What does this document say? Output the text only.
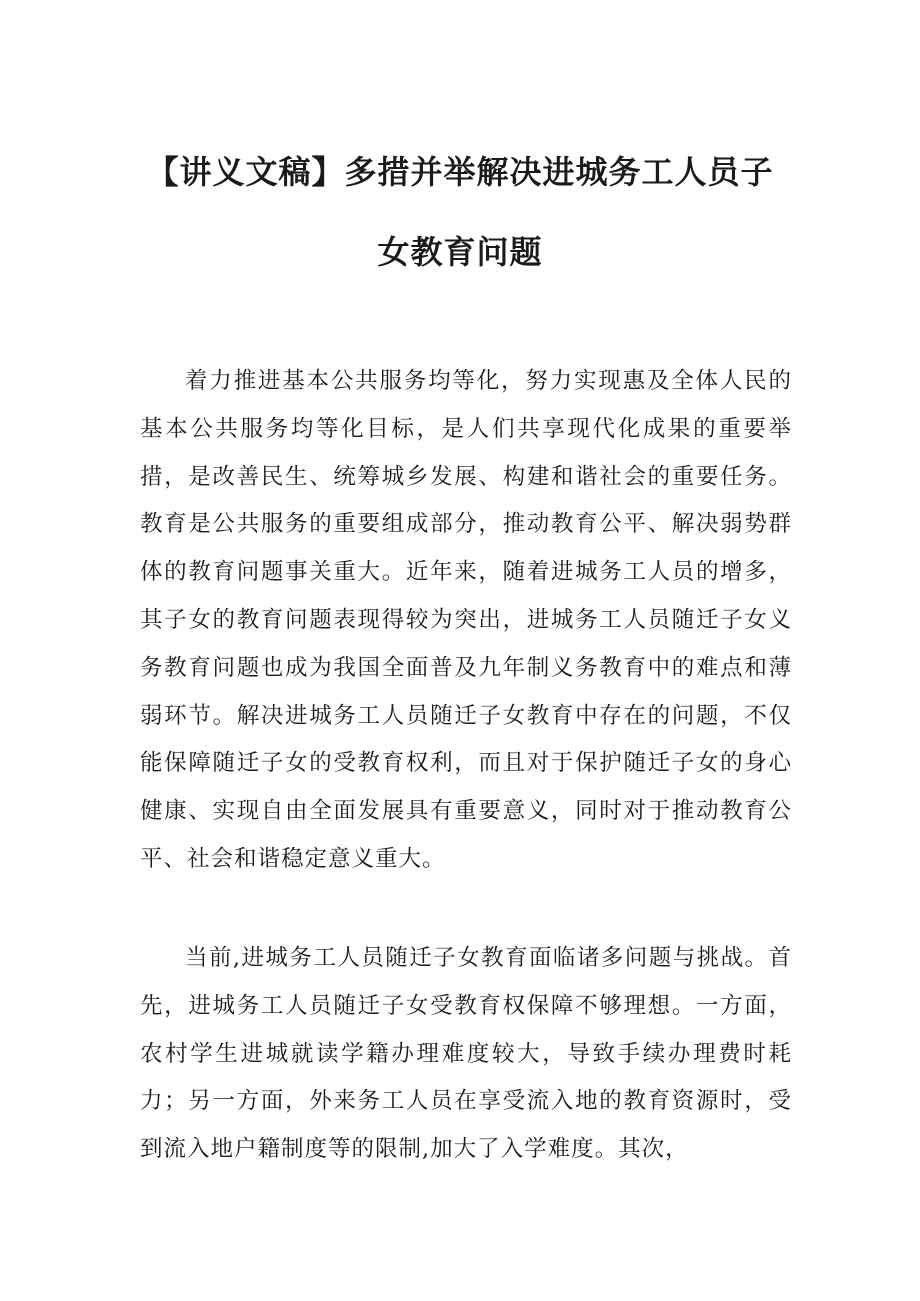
【讲义文稿】多措并举解决进城务工人员子
女教育问题

着力推进基本公共服务均等化，努力实现惠及全体人民的基本公共服务均等化目标，是人们共享现代化成果的重要举措，是改善民生、统筹城乡发展、构建和谐社会的重要任务。教育是公共服务的重要组成部分，推动教育公平、解决弱势群体的教育问题事关重大。近年来，随着进城务工人员的增多，其子女的教育问题表现得较为突出，进城务工人员随迁子女义务教育问题也成为我国全面普及九年制义务教育中的难点和薄弱环节。解决进城务工人员随迁子女教育中存在的问题，不仅能保障随迁子女的受教育权利，而且对于保护随迁子女的身心健康、实现自由全面发展具有重要意义，同时对于推动教育公平、社会和谐稳定意义重大。

当前,进城务工人员随迁子女教育面临诸多问题与挑战。首先，进城务工人员随迁子女受教育权保障不够理想。一方面，农村学生进城就读学籍办理难度较大，导致手续办理费时耗力；另一方面，外来务工人员在享受流入地的教育资源时，受到流入地户籍制度等的限制,加大了入学难度。其次，
